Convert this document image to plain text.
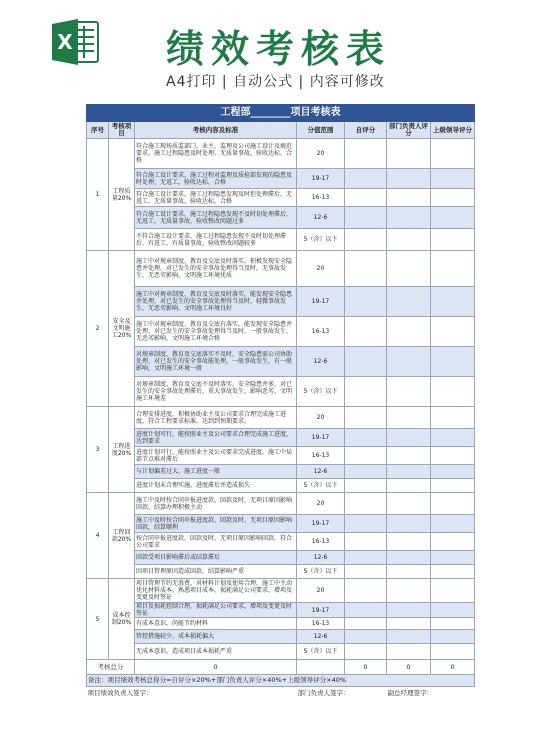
X 绩效考核表
A4打印 | 自动公式 | 内容可修改
工程部________项目考核表						
序号	考核项目	考核内容及标准	分值范围	自评分	部门负责人评分	上级领导评分
1	工程质量20%	符合施工现场质监部门、业主、监理及公司施工设计及规范要求，施工过程隐患及时处理、无质量事故，验收达标，合格	20			
		符合施工设计要求，施工过程对监理及质检部发现的隐患及时处理、无返工，验收达标，合格	19-17			
		符合施工设计要求，施工过程隐患发现及时但处理滞后、无返工，无质量事故，验收达标，合格	16-13			
		符合施工设计要求，施工过程隐患发现不及时切处理滞后、无返工，无质量事故，验收整改问题过多	12-6			
		不符合施工设计要求，施工过程隐患发现不及时切处理滞后、有返工，有质量事故，验收整改问题较多	5（含）以下			
2	安全及文明施工20%	施工中对规章制度、教育及交底及时落实，积极发现安全隐患并处理，对已发生的安全事故处理得当及时，无事故发生，无恶劣影响，文明施工环境优质	20			
		施工中对规章制度、教育及交底及时落实，能发现安全隐患并处理，对已发生的安全事故处理得当及时，轻微事故发生，无恶劣影响，文明施工环境良好	19-17			
		施工中对规章制度、教育及交底有落实，能发现安全隐患并处理，对已发生的安全事故处理得当及时，一般事故发生，无恶劣影响，文明施工环境合格	16-13			
		对规章制度、教育及交底落实不及时，安全隐患需公司协助处理，对已发生的安全事故能处理，一般事故发生，有一般影响，文明施工环境一般	12-6			
		对规章制度、教育及交底不及时落实，安全隐患并多，对已发生的安全事故处理滞后，重大事故发生，影响恶劣，文明施工环境差	5（含）以下			
3	工程进度20%	合理安排进度，积极协助业主及公司要求合理完成施工进度，符合工程要求标准，达到到预期要求，	20			
		进度计划可行，能按照业主及公司要求合理完成施工进度，达到要求	19-17			
		进度计划可行，能按照业主及公司要求完成进度，施工中局部节点难对滞后	16-13			
		与计划偏差过大，施工进度一般	12-6			
		进度计划未合理实施，进度滞后并造成损失	5（含）以下			
4	工程回款20%	施工中及时按合同申报进度款、回款及时，无项目原因影响回款，结算办理积极主动	20			
		施工中及时按合同申报进度款、回款及时，无项目原因影响回款，结算顺利	19-17			
		按合同申报进度款，回款及时，无项目原因影响回款，符合公司要求	16-13			
		回款受项目影响滞后或结算滞后	12-6			
		因项目管理原因造成回款、结算影响严重	5（含）以下			
5	成本控制20%	项目管理节约无浪费，对材料计划及使用合理，施工中主动优化材料成本，熟悉项目成本，损耗满足公司要求，增项及变更及时签证	20			
		项目及损耗控制合理，损耗满足公司要求，增项及变更及时签证	19-17			
		有成本意识，尚能节约材料	16-13			
		管控措施较少，成本损耗偏大	12-6			
		无成本意识，造成项目成本损耗严重	5（含）以下			
考核总分		0		0	0	0
备注：项目绩效考核总得分=自评分×20%+部门负责人评分×40%+上级领导评分×40%						
项目绩效负责人签字：			部门负责人签字：		副总经理签字：	
